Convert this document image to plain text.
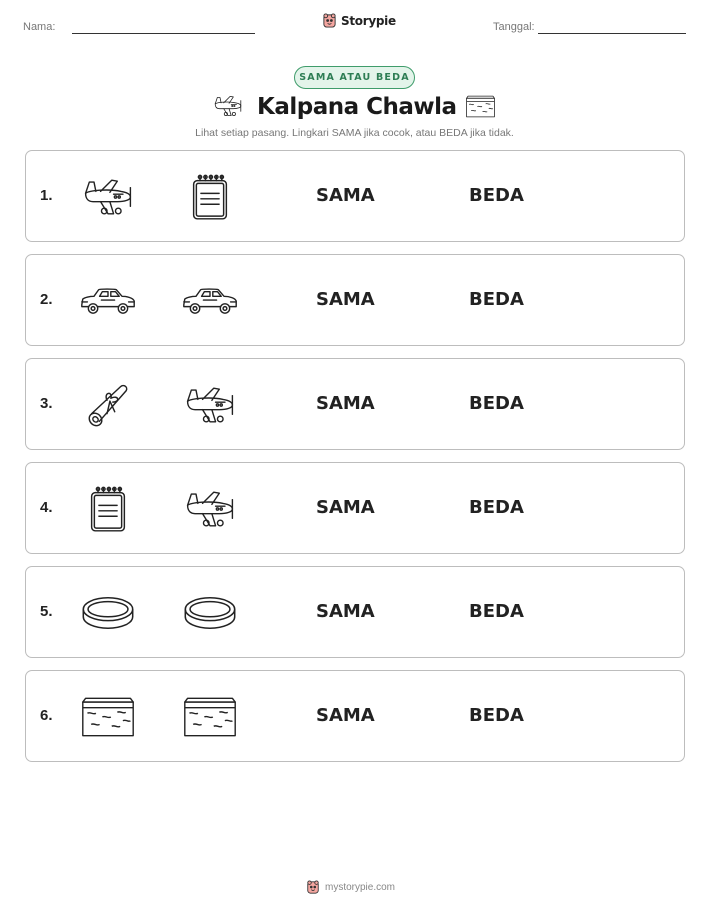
Nama:	Storypie	Tanggal:
SAMA ATAU BEDA
Kalpana Chawla
Lihat setiap pasang. Lingkari SAMA jika cocok, atau BEDA jika tidak.
1.	SAMA	BEDA
2.	SAMA	BEDA
3.	SAMA	BEDA
4.	SAMA	BEDA
5.	SAMA	BEDA
6.	SAMA	BEDA
mystorypie.com
